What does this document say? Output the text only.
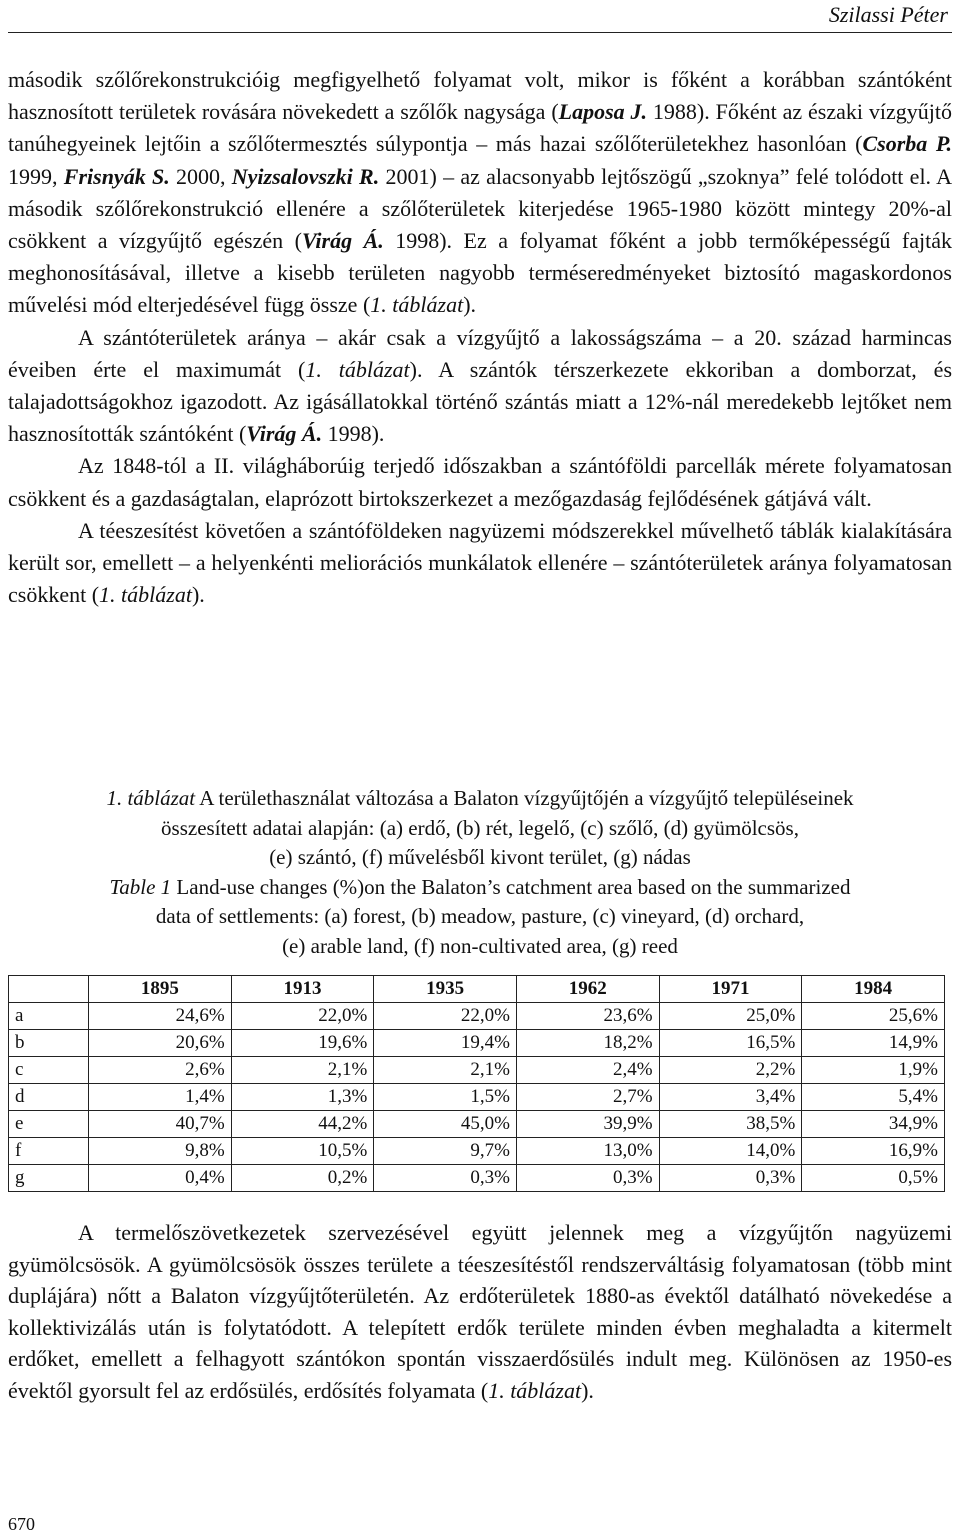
Szilassi Péter

második szőlőrekonstrukcióig megfigyelhető folyamat volt, mikor is főként a korábban szántóként hasznosított területek rovására növekedett a szőlők nagysága (Laposa J. 1988). Főként az északi vízgyűjtő tanúhegyeinek lejtőin a szőlőtermesztés súlypontja – más hazai szőlőterületekhez hasonlóan (Csorba P. 1999, Frisnyák S. 2000, Nyizsalovszki R. 2001) – az alacsonyabb lejtőszögű „szoknya” felé tolódott el. A második szőlőrekonstrukció ellenére a szőlőterületek kiterjedése 1965-1980 között mintegy 20%-al csökkent a vízgyűjtő egészén (Virág Á. 1998). Ez a folyamat főként a jobb termőképességű fajták meghonosításával, illetve a kisebb területen nagyobb terméseredményeket biztosító magaskordonos művelési mód elterjedésével függ össze (1. táblázat).

A szántóterületek aránya – akár csak a vízgyűjtő a lakosságszáma – a 20. század harmincas éveiben érte el maximumát (1. táblázat). A szántók térszerkezete ekkoriban a domborzat, és talajadottságokhoz igazodott. Az igásállatokkal történő szántás miatt a 12%-nál meredekebb lejtőket nem hasznosították szántóként (Virág Á. 1998).

Az 1848-tól a II. világháborúig terjedő időszakban a szántóföldi parcellák mérete folyamatosan csökkent és a gazdaságtalan, elaprózott birtokszerkezet a mezőgazdaság fejlődésének gátjává vált.

A téeszesítést követően a szántóföldeken nagyüzemi módszerekkel művelhető táblák kialakítására került sor, emellett – a helyenkénti meliorációs munkálatok ellenére – szántóterületek aránya folyamatosan csökkent (1. táblázat).

1. táblázat A területhasználat változása a Balaton vízgyűjtőjén a vízgyűjtő településeinek
összesített adatai alapján: (a) erdő, (b) rét, legelő, (c) szőlő, (d) gyümölcsös,
(e) szántó, (f) művelésből kivont terület, (g) nádas
Table 1 Land-use changes (%)on the Balaton’s catchment area based on the summarized
data of settlements: (a) forest, (b) meadow, pasture, (c) vineyard, (d) orchard,
(e) arable land, (f) non-cultivated area, (g) reed
	1895	1913	1935	1962	1971	1984
a	24,6%	22,0%	22,0%	23,6%	25,0%	25,6%
b	20,6%	19,6%	19,4%	18,2%	16,5%	14,9%
c	2,6%	2,1%	2,1%	2,4%	2,2%	1,9%
d	1,4%	1,3%	1,5%	2,7%	3,4%	5,4%
e	40,7%	44,2%	45,0%	39,9%	38,5%	34,9%
f	9,8%	10,5%	9,7%	13,0%	14,0%	16,9%
g	0,4%	0,2%	0,3%	0,3%	0,3%	0,5%

A termelőszövetkezetek szervezésével együtt jelennek meg a vízgyűjtőn nagyüzemi gyümölcsösök. A gyümölcsösök összes területe a téeszesítéstől rendszerváltásig folyamatosan (több mint duplájára) nőtt a Balaton vízgyűjtőterületén. Az erdőterületek 1880-as évektől datálható növekedése a kollektivizálás után is folytatódott. A telepített erdők területe minden évben meghaladta a kitermelt erdőket, emellett a felhagyott szántókon spontán visszaerdősülés indult meg. Különösen az 1950-es évektől gyorsult fel az erdősülés, erdősítés folyamata (1. táblázat).

670
